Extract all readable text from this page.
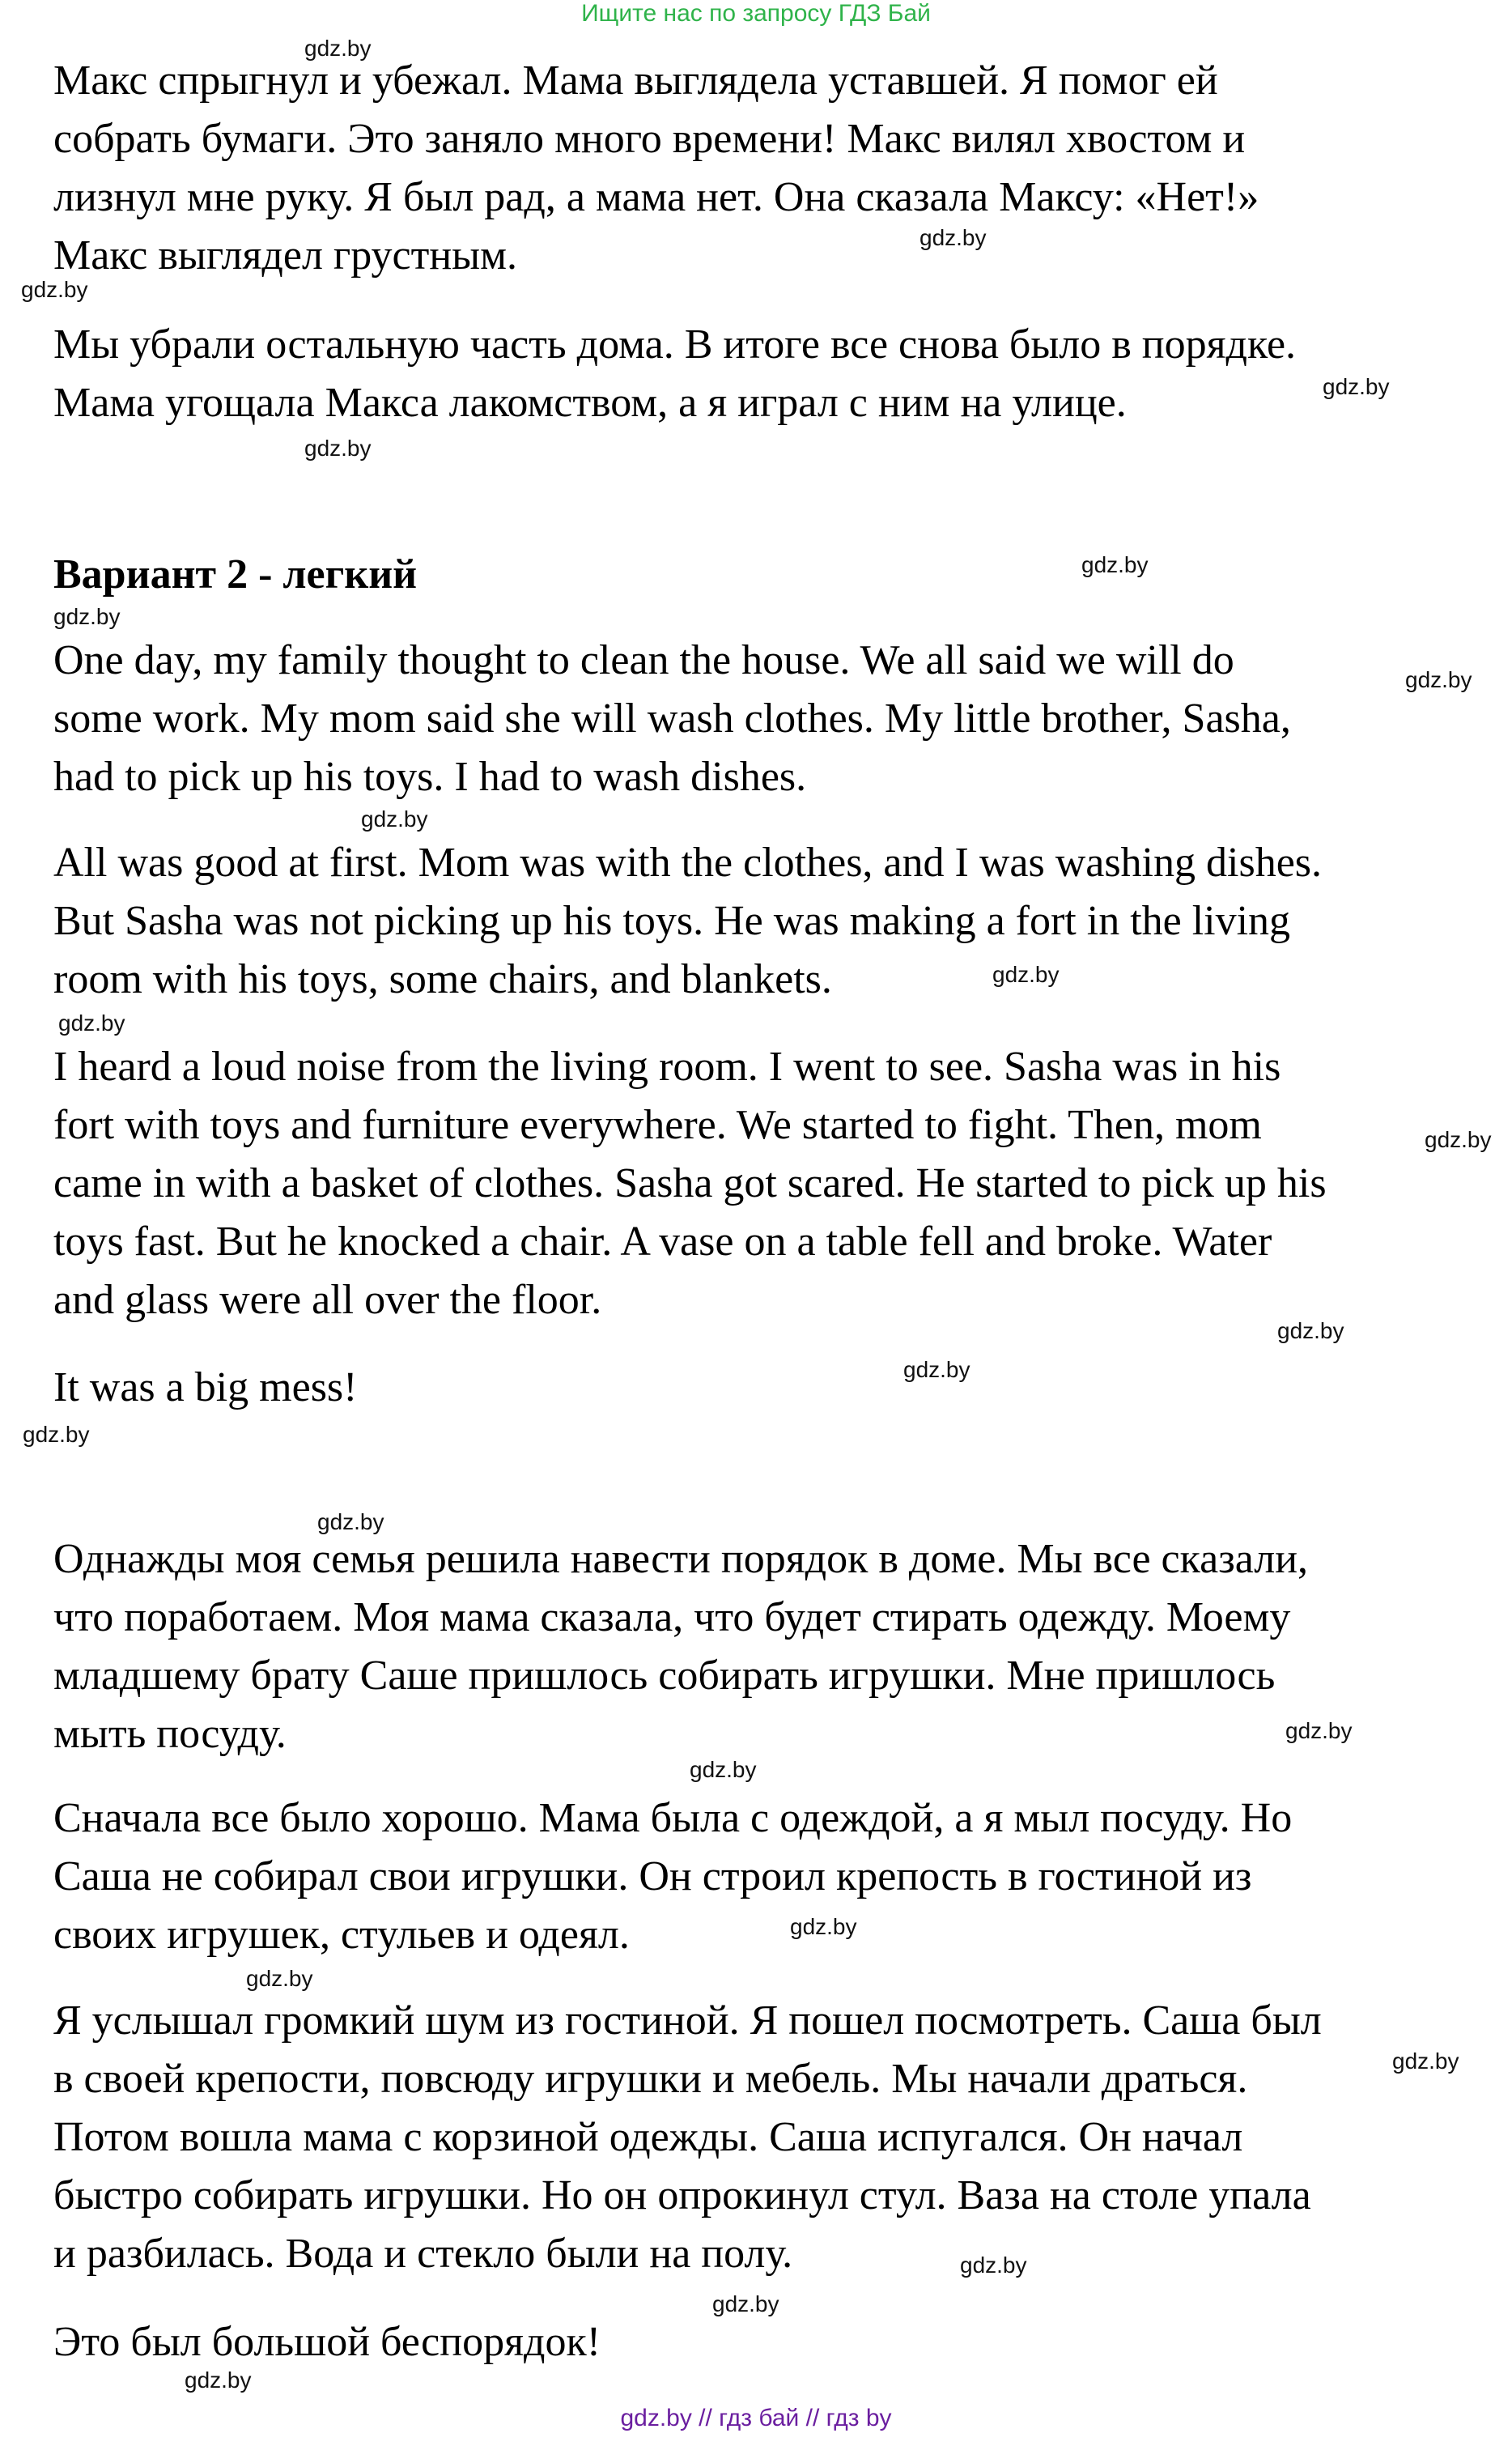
Ищите нас по запросу ГДЗ Бай

Макс спрыгнул и убежал. Мама выглядела уставшей. Я помог ей
собрать бумаги. Это заняло много времени! Макс вилял хвостом и
лизнул мне руку. Я был рад, а мама нет. Она сказала Максу: «Нет!»
Макс выглядел грустным.

Мы убрали остальную часть дома. В итоге все снова было в порядке.
Мама угощала Макса лакомством, а я играл с ним на улице.

Вариант 2 - легкий

One day, my family thought to clean the house. We all said we will do
some work. My mom said she will wash clothes. My little brother, Sasha,
had to pick up his toys. I had to wash dishes.

All was good at first. Mom was with the clothes, and I was washing dishes.
But Sasha was not picking up his toys. He was making a fort in the living
room with his toys, some chairs, and blankets.

I heard a loud noise from the living room. I went to see. Sasha was in his
fort with toys and furniture everywhere. We started to fight. Then, mom
came in with a basket of clothes. Sasha got scared. He started to pick up his
toys fast. But he knocked a chair. A vase on a table fell and broke. Water
and glass were all over the floor.

It was a big mess!

Однажды моя семья решила навести порядок в доме. Мы все сказали,
что поработаем. Моя мама сказала, что будет стирать одежду. Моему
младшему брату Саше пришлось собирать игрушки. Мне пришлось
мыть посуду.

Сначала все было хорошо. Мама была с одеждой, а я мыл посуду. Но
Саша не собирал свои игрушки. Он строил крепость в гостиной из
своих игрушек, стульев и одеял.

Я услышал громкий шум из гостиной. Я пошел посмотреть. Саша был
в своей крепости, повсюду игрушки и мебель. Мы начали драться.
Потом вошла мама с корзиной одежды. Саша испугался. Он начал
быстро собирать игрушки. Но он опрокинул стул. Ваза на столе упала
и разбилась. Вода и стекло были на полу.

Это был большой беспорядок!

gdz.by
gdz.by
gdz.by
gdz.by
gdz.by
gdz.by
gdz.by
gdz.by
gdz.by
gdz.by
gdz.by
gdz.by
gdz.by
gdz.by
gdz.by
gdz.by
gdz.by
gdz.by
gdz.by
gdz.by
gdz.by
gdz.by
gdz.by
gdz.by
gdz.by // гдз бай // гдз by
